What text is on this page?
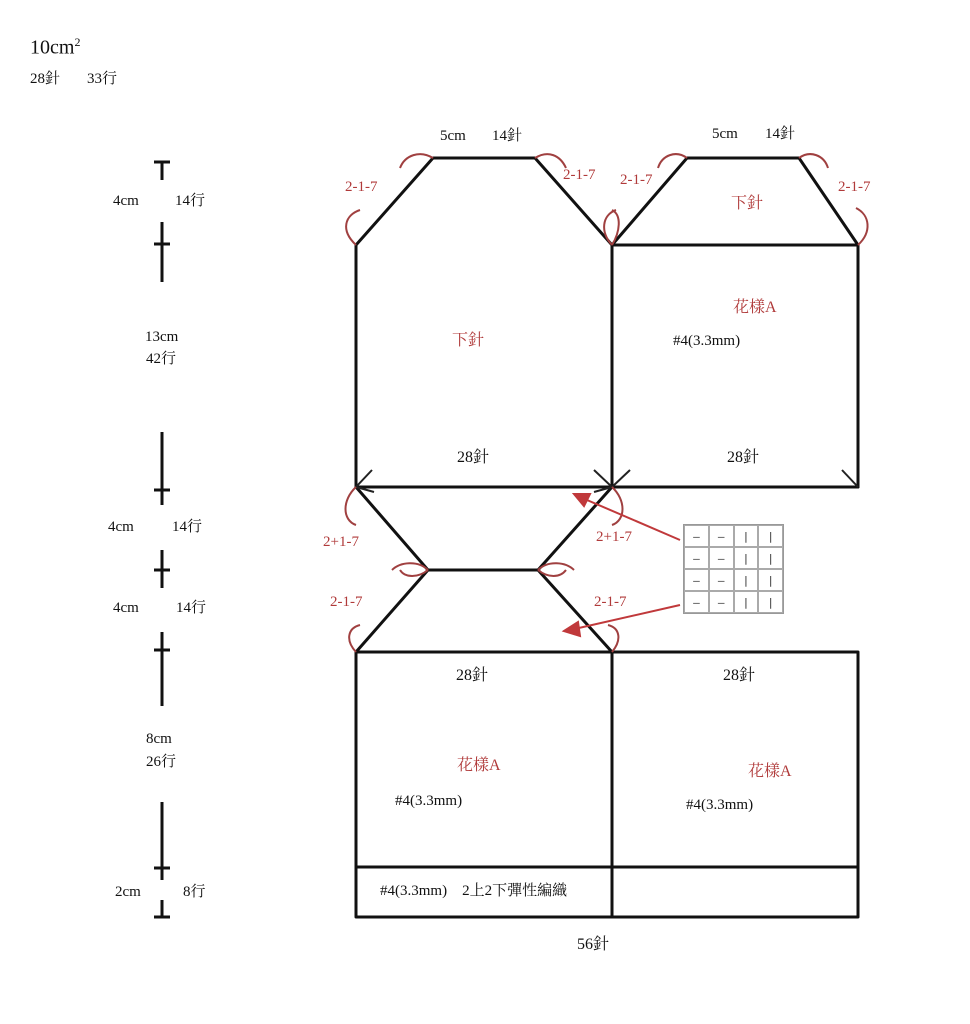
$10cm^2$
28針 33行
4cm 14行
13cm
42行
4cm	14行
4cm 14行
8cm
26行
2cm	8行
5cm 14針
2-1-7
2-1-7
下針
28針
5cm 14針
2-1-7	2-1-7
下針
花樣A
#4(3.3mm)
28針
2+1-7	2+1-7
2-1-7	2-1-7
28針
花樣A
#4(3.3mm)
#4(3.3mm)　2上2下彈性編織
28針
花樣A
#4(3.3mm)
56針
—	—	|	|
—	—	|	|
—	—	|	|
—	—	|	|
